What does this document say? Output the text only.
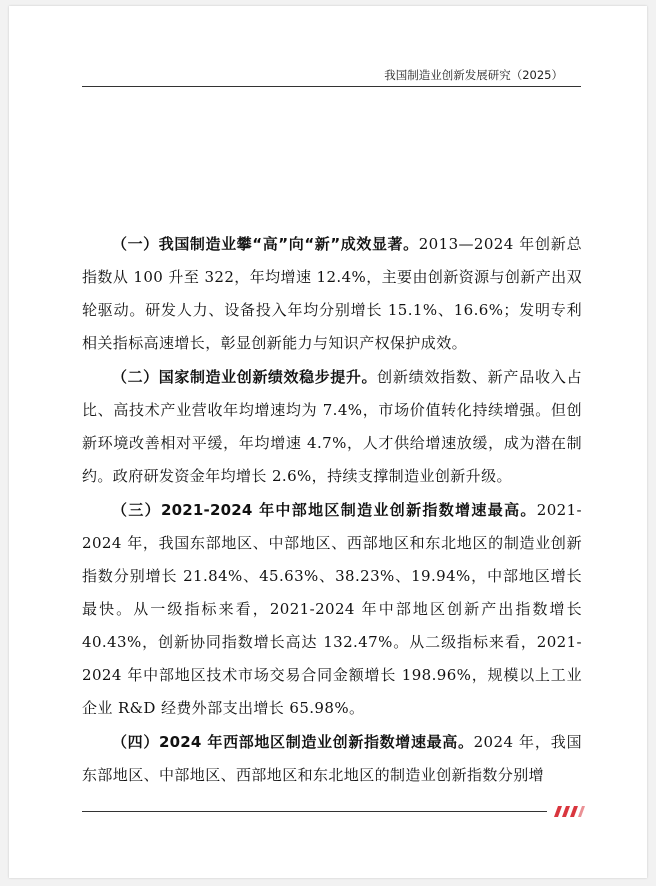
我国制造业创新发展研究（2025）

（一）我国制造业攀“高”向“新”成效显著。2013—2024 年创新总指数从 100 升至 322，年均增速 12.4%，主要由创新资源与创新产出双轮驱动。研发人力、设备投入年均分别增长 15.1%、16.6%；发明专利相关指标高速增长，彰显创新能力与知识产权保护成效。

（二）国家制造业创新绩效稳步提升。创新绩效指数、新产品收入占比、高技术产业营收年均增速均为 7.4%，市场价值转化持续增强。但创新环境改善相对平缓，年均增速 4.7%，人才供给增速放缓，成为潜在制约。政府研发资金年均增长 2.6%，持续支撑制造业创新升级。

（三）2021-2024 年中部地区制造业创新指数增速最高。2021-2024 年，我国东部地区、中部地区、西部地区和东北地区的制造业创新指数分别增长 21.84%、45.63%、38.23%、19.94%，中部地区增长最快。从一级指标来看，2021-2024 年中部地区创新产出指数增长 40.43%，创新协同指数增长高达 132.47%。从二级指标来看，2021-2024 年中部地区技术市场交易合同金额增长 198.96%，规模以上工业企业 R&D 经费外部支出增长 65.98%。

（四）2024 年西部地区制造业创新指数增速最高。2024 年，我国东部地区、中部地区、西部地区和东北地区的制造业创新指数分别增
